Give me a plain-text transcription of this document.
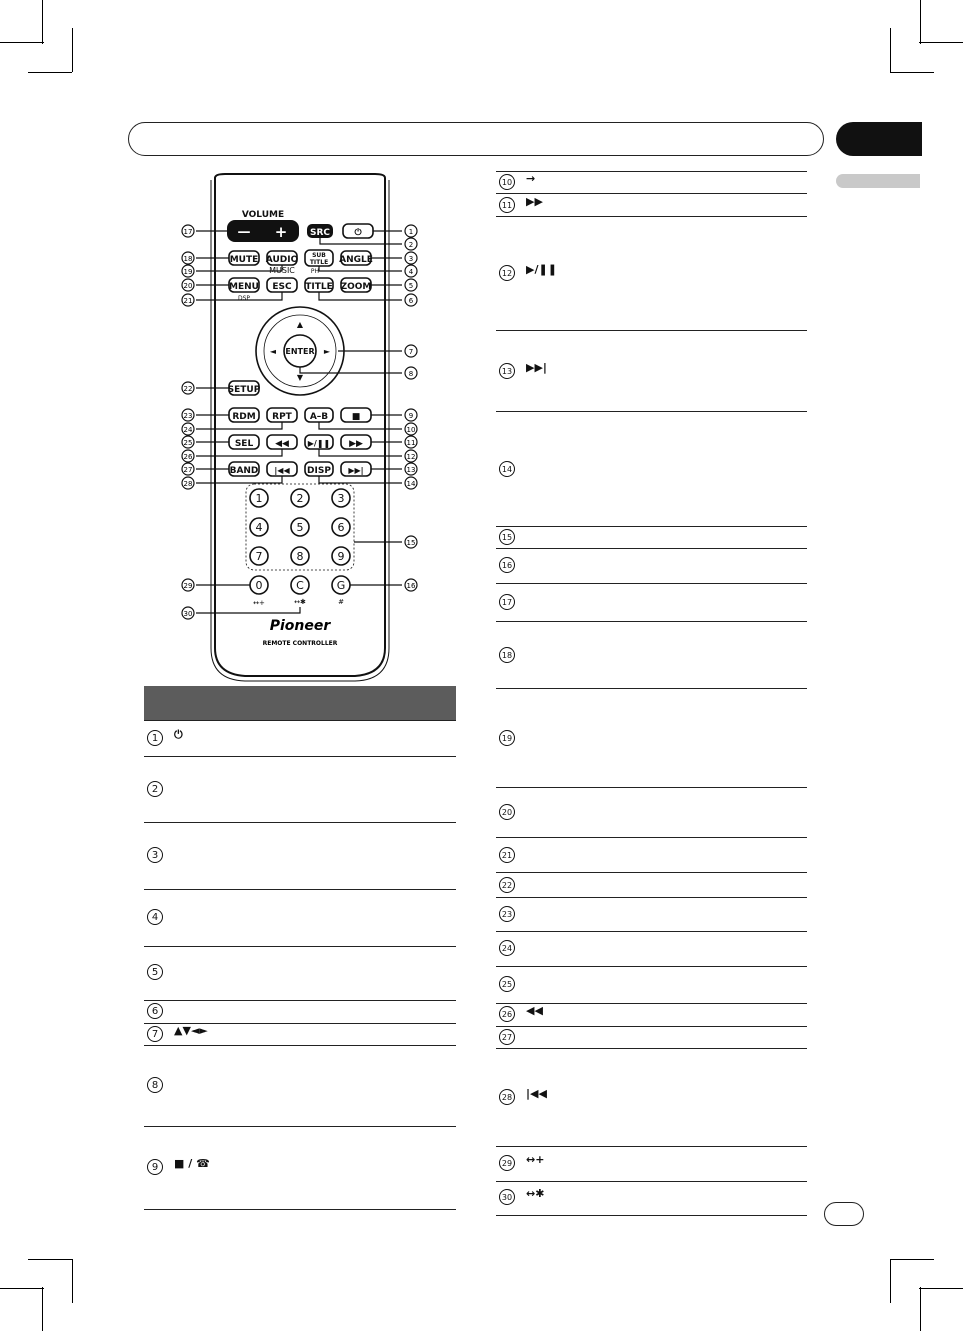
VOLUME
— +	SRC	⏻
MUTE AUDIO
MUSIC
SUB
TITLE
PH
ANGLE
MENU
DSP
ESC TITLE ZOOM
ENTER
▲
▼
◄	►
SETUP
RDM RPT A–B	■
SEL ◀◀ ▶/❚❚ ▶▶
BAND |◀◀ DISP ▶▶|
1	2	3
4	5	6
7	8	9
0
↔+
C
↔✱
G
#
Pioneer
REMOTE CONTROLLER
1
2
3
4
5
6
7
8
9
10
11
12
13
14
15
16
17
18
19
20
21
22
23
24
25
26
27
28
29
30
1	⏻
2
3
4
5
6
7	▲▼◄►
8
9	■ / ☎
10 →
11 ▶▶
12 ▶/❚❚
13 ▶▶|
14
15
16
17
18
19
20
21
22
23
24
25
26 ◀◀
27
28 |◀◀
29 ↔+
30 ↔✱
